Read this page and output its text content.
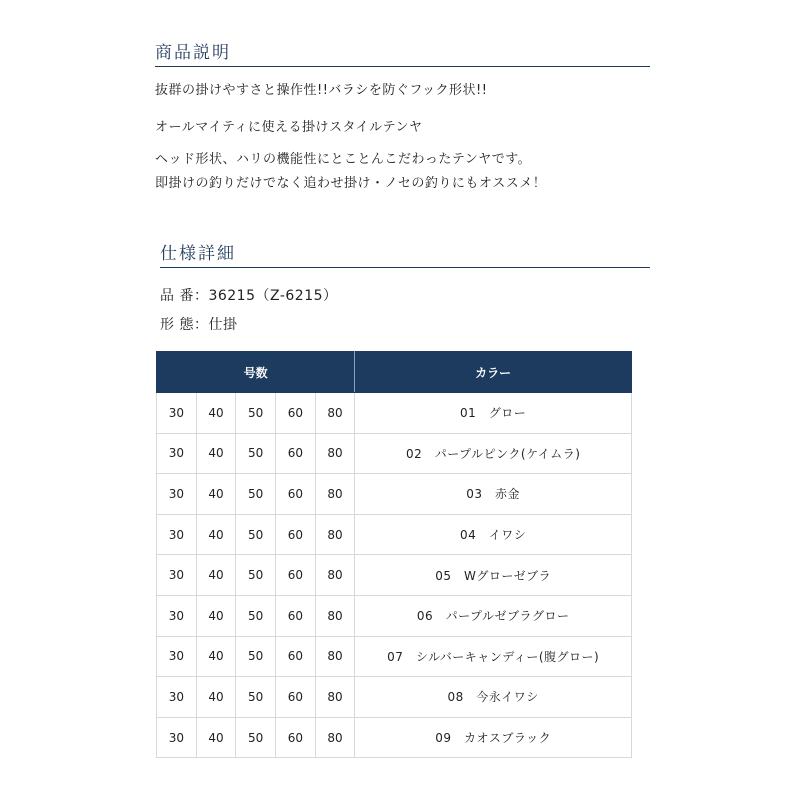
商品説明
抜群の掛けやすさと操作性!!バラシを防ぐフック形状!!
オールマイティに使える掛けスタイルテンヤ
ヘッド形状、ハリの機能性にとことんこだわったテンヤです。
即掛けの釣りだけでなく追わせ掛け・ノセの釣りにもオススメ！
仕様詳細
品 番：36215（Z-6215）
形 態：仕掛
号数					カラー
30	40	50	60	80	01　グロー
30	40	50	60	80	02　パープルピンク(ケイムラ)
30	40	50	60	80	03　赤金
30	40	50	60	80	04　イワシ
30	40	50	60	80	05　Wグローゼブラ
30	40	50	60	80	06　パープルゼブラグロー
30	40	50	60	80	07　シルバーキャンディー(腹グロー)
30	40	50	60	80	08　今永イワシ
30	40	50	60	80	09　カオスブラック
